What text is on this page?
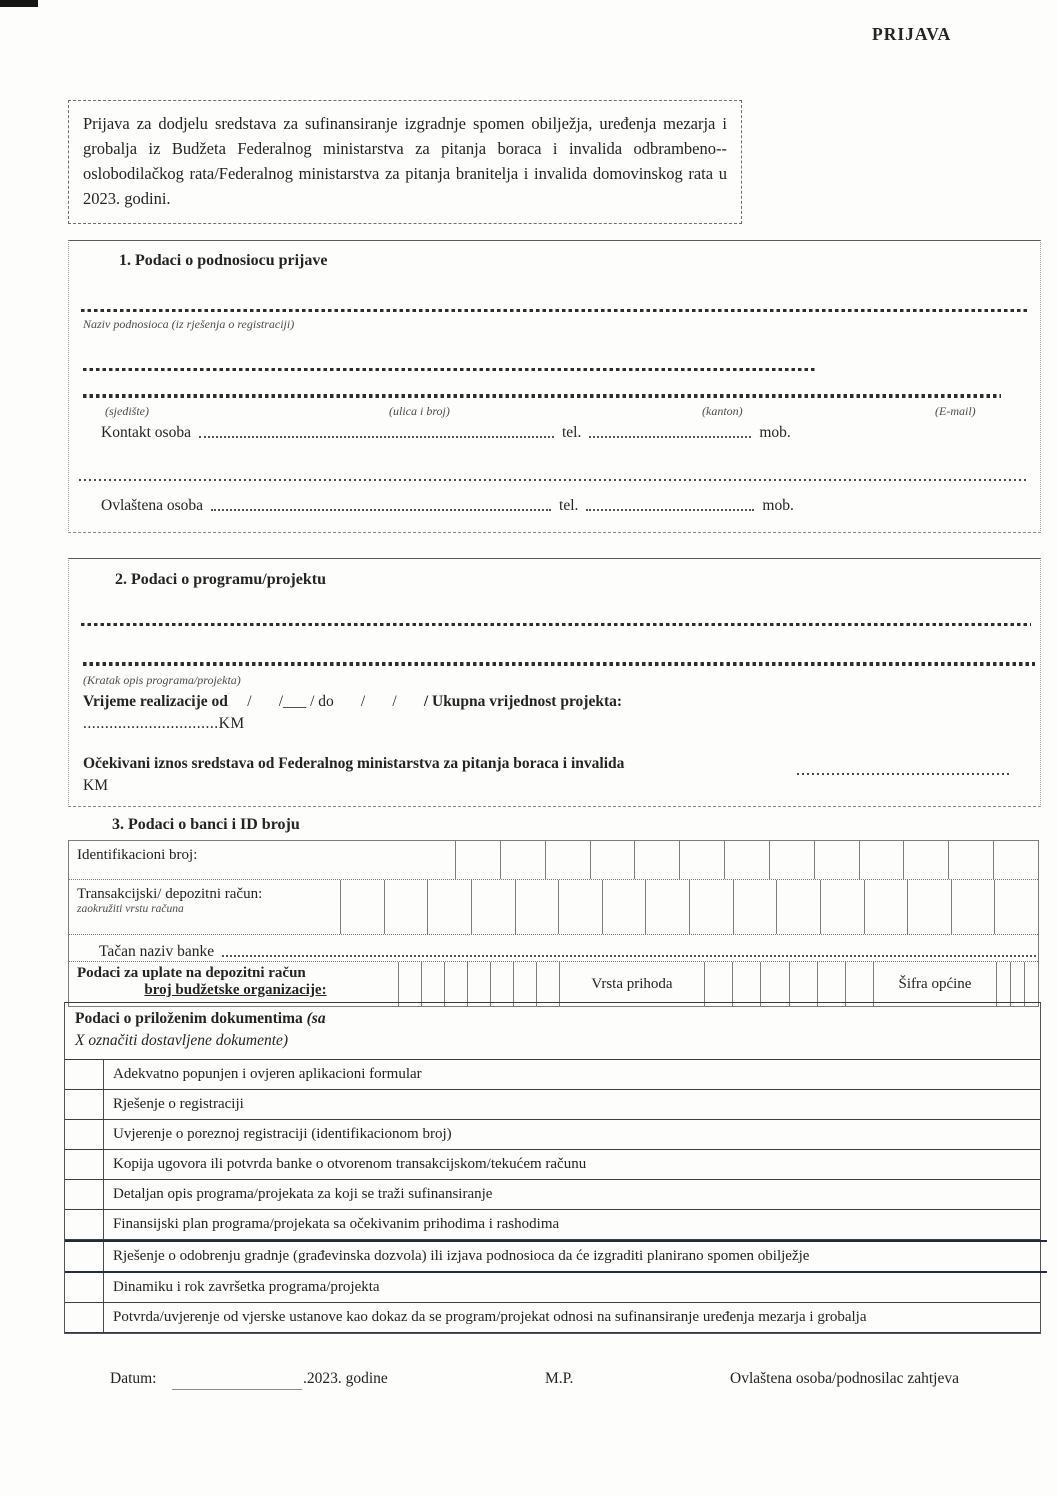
PRIJAVA
Prijava za dodjelu sredstava za sufinansiranje izgradnje spomen obilježja, uređenja mezarja i grobalja iz Budžeta Federalnog ministarstva za pitanja boraca i invalida odbrambeno--oslobodilačkog rata/Federalnog ministarstva za pitanja branitelja i invalida domovinskog rata u 2023. godini.
1. Podaci o podnosiocu prijave
Naziv podnosioca (iz rješenja o registraciji)
(sjedište)	(ulica i broj)	(kanton)	(E-mail)
Kontakt osoba	tel.	mob.
Ovlaštena osoba	tel.	mob.
2. Podaci o programu/projektu
(Kratak opis programa/projekta)
Vrijeme realizacije od     /       /___ / do       /       /       / Ukupna vrijednost projekta:
...............................KM
Očekivani iznos sredstava od Federalnog ministarstva za pitanja boraca i invalida
KM
3. Podaci o banci i ID broju
Identifikacioni broj:
Transakcijski/ depozitni račun:
zaokružiti vrstu računa
Tačan naziv banke
Podaci za uplate na depozitni račun
broj budžetske organizacije:	Vrsta prihoda	Šifra općine
Podaci o priloženim dokumentima (sa
X označiti dostavljene dokumente)
Adekvatno popunjen i ovjeren aplikacioni formular
Rješenje o registraciji
Uvjerenje o poreznoj registraciji (identifikacionom broj)
Kopija ugovora ili potvrda banke o otvorenom transakcijskom/tekućem računu
Detaljan opis programa/projekata za koji se traži sufinansiranje
Finansijski plan programa/projekata sa očekivanim prihodima i rashodima
Rješenje o odobrenju gradnje (građevinska dozvola) ili izjava podnosioca da će izgraditi planirano spomen obilježje
Dinamiku i rok završetka programa/projekta
Potvrda/uvjerenje od vjerske ustanove kao dokaz da se program/projekat odnosi na sufinansiranje uređenja mezarja i grobalja
Datum:	.2023. godine	M.P.	Ovlaštena osoba/podnosilac zahtjeva
